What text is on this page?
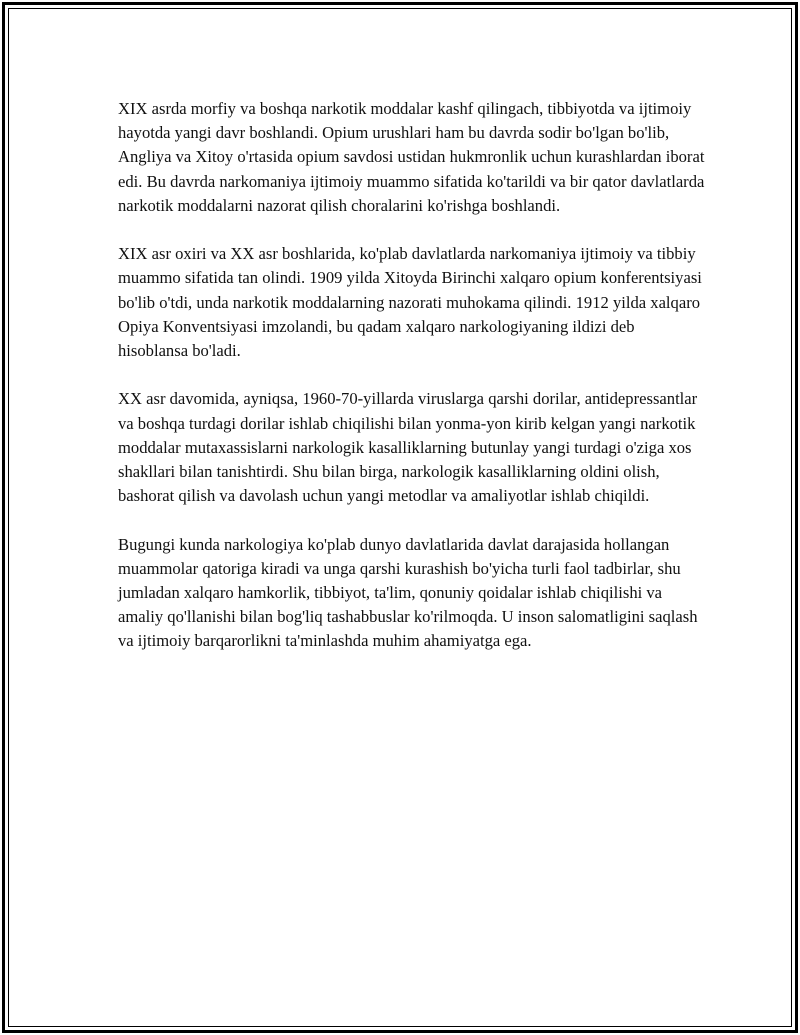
XIX asrda morfiy va boshqa narkotik moddalar kashf qilingach, tibbiyotda va ijtimoiy hayotda yangi davr boshlandi. Opium urushlari ham bu davrda sodir bo'lgan bo'lib, Angliya va Xitoy o'rtasida opium savdosi ustidan hukmronlik uchun kurashlardan iborat edi. Bu davrda narkomaniya ijtimoiy muammo sifatida ko'tarildi va bir qator davlatlarda narkotik moddalarni nazorat qilish choralarini ko'rishga boshlandi.

XIX asr oxiri va XX asr boshlarida, ko'plab davlatlarda narkomaniya ijtimoiy va tibbiy muammo sifatida tan olindi. 1909 yilda Xitoyda Birinchi xalqaro opium konferentsiyasi bo'lib o'tdi, unda narkotik moddalarning nazorati muhokama qilindi. 1912 yilda xalqaro Opiya Konventsiyasi imzolandi, bu qadam xalqaro narkologiyaning ildizi deb hisoblansa bo'ladi.

XX asr davomida, ayniqsa, 1960-70-yillarda viruslarga qarshi dorilar, antidepressantlar va boshqa turdagi dorilar ishlab chiqilishi bilan yonma-yon kirib kelgan yangi narkotik moddalar mutaxassislarni narkologik kasalliklarning butunlay yangi turdagi o'ziga xos shakllari bilan tanishtirdi. Shu bilan birga, narkologik kasalliklarning oldini olish, bashorat qilish va davolash uchun yangi metodlar va amaliyotlar ishlab chiqildi.

Bugungi kunda narkologiya ko'plab dunyo davlatlarida davlat darajasida hollangan muammolar qatoriga kiradi va unga qarshi kurashish bo'yicha turli faol tadbirlar, shu jumladan xalqaro hamkorlik, tibbiyot, ta'lim, qonuniy qoidalar ishlab chiqilishi va amaliy qo'llanishi bilan bog'liq tashabbuslar ko'rilmoqda. U inson salomatligini saqlash va ijtimoiy barqarorlikni ta'minlashda muhim ahamiyatga ega.
